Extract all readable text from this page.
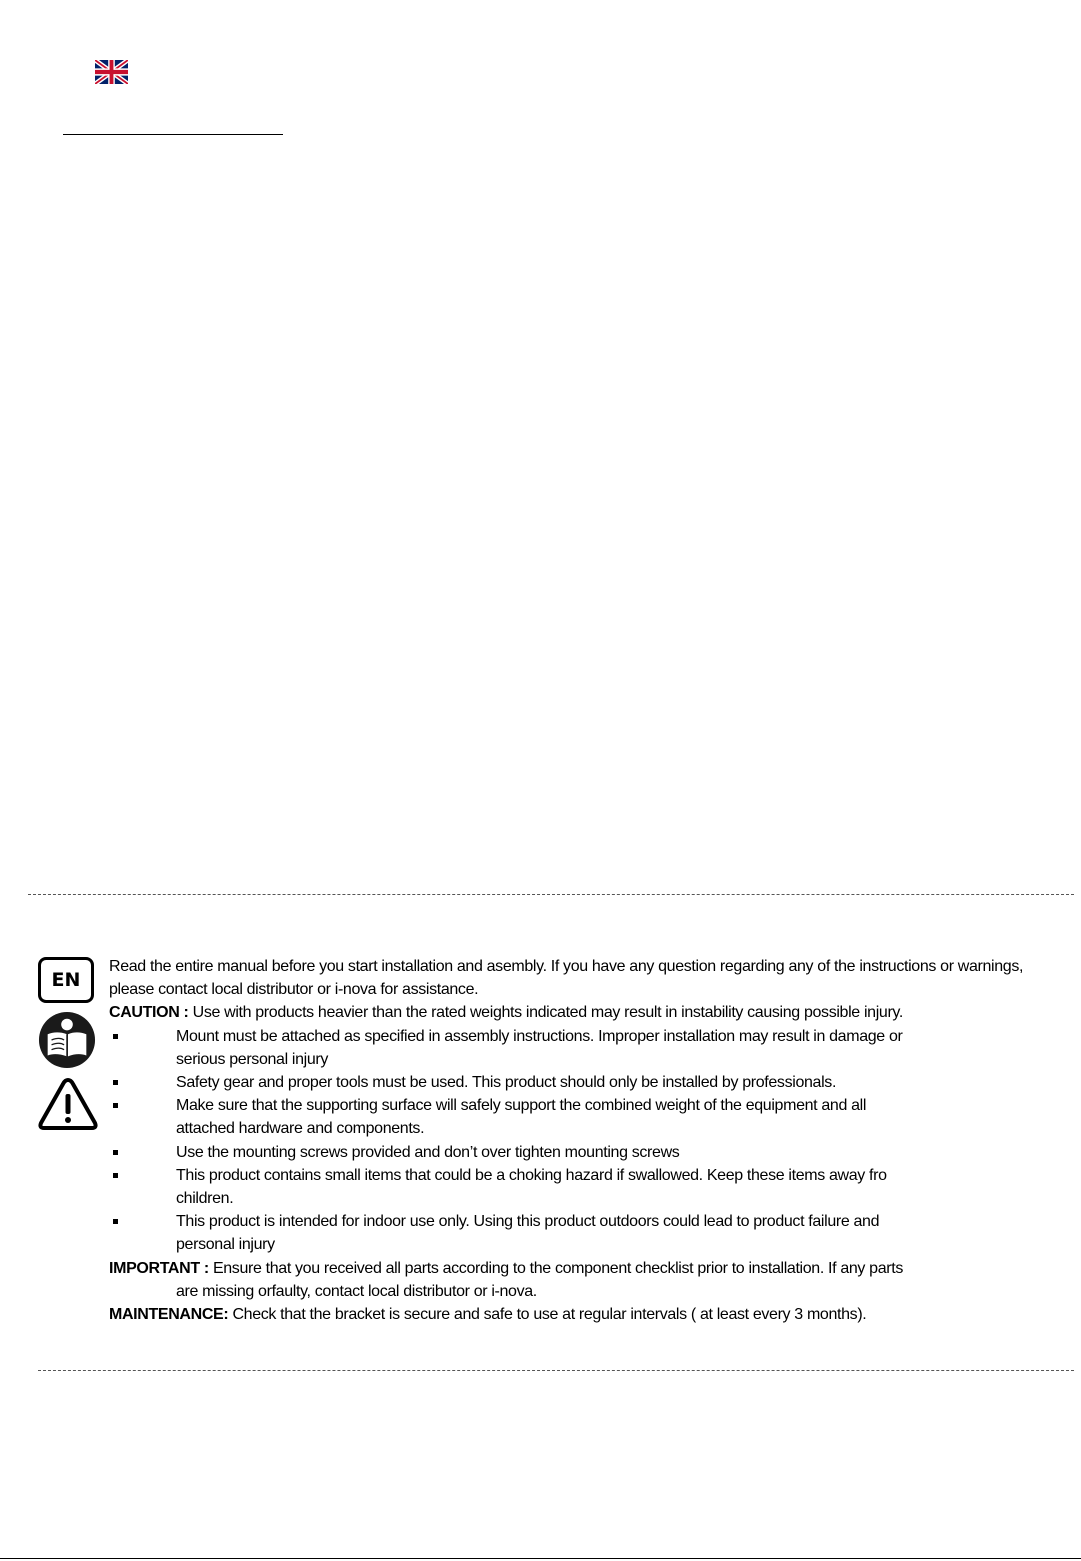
EN

Read the entire manual before you start installation and asembly. If you have any question regarding any of the instructions or warnings, please contact local distributor or i-nova for assistance.

CAUTION : Use with products heavier than the rated weights indicated may result in instability causing possible injury.

Mount must be attached as specified in assembly instructions. Improper installation may result in damage or

serious personal injury

Safety gear and proper tools must be used. This product should only be installed by professionals.

Make sure that the supporting surface will safely support the combined weight of the equipment and all

attached hardware and components.

Use the mounting screws provided and don’t over tighten mounting screws

This product contains small items that could be a choking hazard if swallowed. Keep these items away fro

children.

This product is intended for indoor use only. Using this product outdoors could lead to product failure and

personal injury

IMPORTANT : Ensure that you received all parts according to the component checklist prior to installation. If any parts

are missing orfaulty, contact local distributor or i-nova.

MAINTENANCE: Check that the bracket is secure and safe to use at regular intervals ( at least every 3 months).
